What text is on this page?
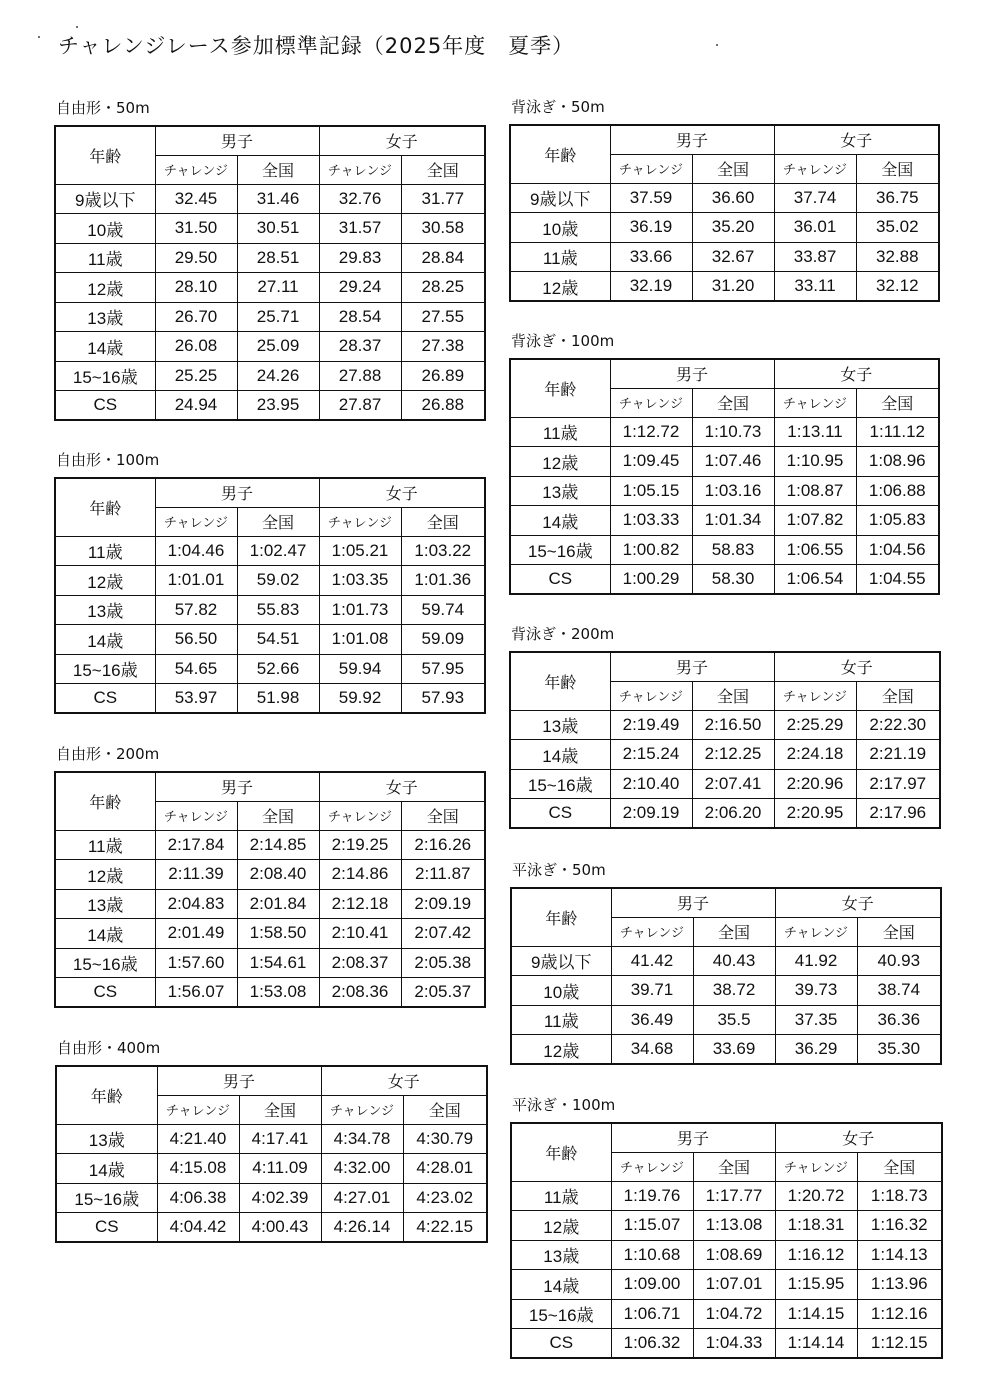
チャレンジレース参加標準記録（2025年度　夏季）
自由形・50m
年齢	男子		女子	
	チャレンジ	全国	チャレンジ	全国
9歳以下	32.45	31.46	32.76	31.77
10歳	31.50	30.51	31.57	30.58
11歳	29.50	28.51	29.83	28.84
12歳	28.10	27.11	29.24	28.25
13歳	26.70	25.71	28.54	27.55
14歳	26.08	25.09	28.37	27.38
15~16歳	25.25	24.26	27.88	26.89
CS	24.94	23.95	27.87	26.88
自由形・100m
年齢	男子		女子	
	チャレンジ	全国	チャレンジ	全国
11歳	1:04.46	1:02.47	1:05.21	1:03.22
12歳	1:01.01	59.02	1:03.35	1:01.36
13歳	57.82	55.83	1:01.73	59.74
14歳	56.50	54.51	1:01.08	59.09
15~16歳	54.65	52.66	59.94	57.95
CS	53.97	51.98	59.92	57.93
自由形・200m
年齢	男子		女子	
	チャレンジ	全国	チャレンジ	全国
11歳	2:17.84	2:14.85	2:19.25	2:16.26
12歳	2:11.39	2:08.40	2:14.86	2:11.87
13歳	2:04.83	2:01.84	2:12.18	2:09.19
14歳	2:01.49	1:58.50	2:10.41	2:07.42
15~16歳	1:57.60	1:54.61	2:08.37	2:05.38
CS	1:56.07	1:53.08	2:08.36	2:05.37
自由形・400m
年齢	男子		女子	
	チャレンジ	全国	チャレンジ	全国
13歳	4:21.40	4:17.41	4:34.78	4:30.79
14歳	4:15.08	4:11.09	4:32.00	4:28.01
15~16歳	4:06.38	4:02.39	4:27.01	4:23.02
CS	4:04.42	4:00.43	4:26.14	4:22.15
背泳ぎ・50m
年齢	男子		女子	
	チャレンジ	全国	チャレンジ	全国
9歳以下	37.59	36.60	37.74	36.75
10歳	36.19	35.20	36.01	35.02
11歳	33.66	32.67	33.87	32.88
12歳	32.19	31.20	33.11	32.12
背泳ぎ・100m
年齢	男子		女子	
	チャレンジ	全国	チャレンジ	全国
11歳	1:12.72	1:10.73	1:13.11	1:11.12
12歳	1:09.45	1:07.46	1:10.95	1:08.96
13歳	1:05.15	1:03.16	1:08.87	1:06.88
14歳	1:03.33	1:01.34	1:07.82	1:05.83
15~16歳	1:00.82	58.83	1:06.55	1:04.56
CS	1:00.29	58.30	1:06.54	1:04.55
背泳ぎ・200m
年齢	男子		女子	
	チャレンジ	全国	チャレンジ	全国
13歳	2:19.49	2:16.50	2:25.29	2:22.30
14歳	2:15.24	2:12.25	2:24.18	2:21.19
15~16歳	2:10.40	2:07.41	2:20.96	2:17.97
CS	2:09.19	2:06.20	2:20.95	2:17.96
平泳ぎ・50m
年齢	男子		女子	
	チャレンジ	全国	チャレンジ	全国
9歳以下	41.42	40.43	41.92	40.93
10歳	39.71	38.72	39.73	38.74
11歳	36.49	35.5	37.35	36.36
12歳	34.68	33.69	36.29	35.30
平泳ぎ・100m
年齢	男子		女子	
	チャレンジ	全国	チャレンジ	全国
11歳	1:19.76	1:17.77	1:20.72	1:18.73
12歳	1:15.07	1:13.08	1:18.31	1:16.32
13歳	1:10.68	1:08.69	1:16.12	1:14.13
14歳	1:09.00	1:07.01	1:15.95	1:13.96
15~16歳	1:06.71	1:04.72	1:14.15	1:12.16
CS	1:06.32	1:04.33	1:14.14	1:12.15
